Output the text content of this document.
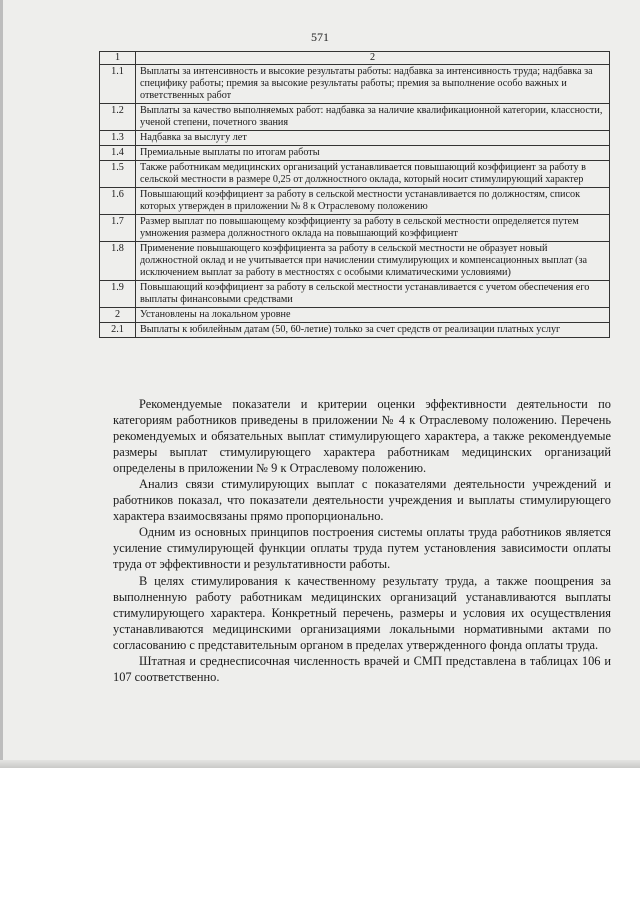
571
1	2
1.1	Выплаты за интенсивность и высокие результаты работы: надбавка за интенсивность труда; надбавка за специфику работы; премия за высокие результаты работы; премия за выполнение особо важных и ответственных работ
1.2	Выплаты за качество выполняемых работ: надбавка за наличие квалификационной категории, классности, ученой степени, почетного звания
1.3	Надбавка за выслугу лет
1.4	Премиальные выплаты по итогам работы
1.5	Также работникам медицинских организаций устанавливается повышающий коэффициент за работу в сельской местности в размере 0,25 от должностного оклада, который носит стимулирующий характер
1.6	Повышающий коэффициент за работу в сельской местности устанавливается по должностям, список которых утвержден в приложении № 8 к Отраслевому положению
1.7	Размер выплат по повышающему коэффициенту за работу в сельской местности определяется путем умножения размера должностного оклада на повышающий коэффициент
1.8	Применение повышающего коэффициента за работу в сельской местности не образует новый должностной оклад и не учитывается при начислении стимулирующих и компенсационных выплат (за исключением выплат за работу в местностях с особыми климатическими условиями)
1.9	Повышающий коэффициент за работу в сельской местности устанавливается с учетом обеспечения его выплаты финансовыми средствами
2	Установлены на локальном уровне
2.1	Выплаты к юбилейным датам (50, 60-летие) только за счет средств от реализации платных услуг

Рекомендуемые показатели и критерии оценки эффективности деятельности по категориям работников приведены в приложении № 4 к Отраслевому положению. Перечень рекомендуемых и обязательных выплат стимулирующего характера, а также рекомендуемые размеры выплат стимулирующего характера работникам медицинских организаций определены в приложении № 9 к Отраслевому положению.

Анализ связи стимулирующих выплат с показателями деятельности учреждений и работников показал, что показатели деятельности учреждения и выплаты стимулирующего характера взаимосвязаны прямо пропорционально.

Одним из основных принципов построения системы оплаты труда работников является усиление стимулирующей функции оплаты труда путем установления зависимости оплаты труда от эффективности и результативности работы.

В целях стимулирования к качественному результату труда, а также поощрения за выполненную работу работникам медицинских организаций устанавливаются выплаты стимулирующего характера. Конкретный перечень, размеры и условия их осуществления устанавливаются медицинскими организациями локальными нормативными актами по согласованию с представительным органом в пределах утвержденного фонда оплаты труда.

Штатная и среднесписочная численность врачей и СМП представлена в таблицах 106 и 107 соответственно.
